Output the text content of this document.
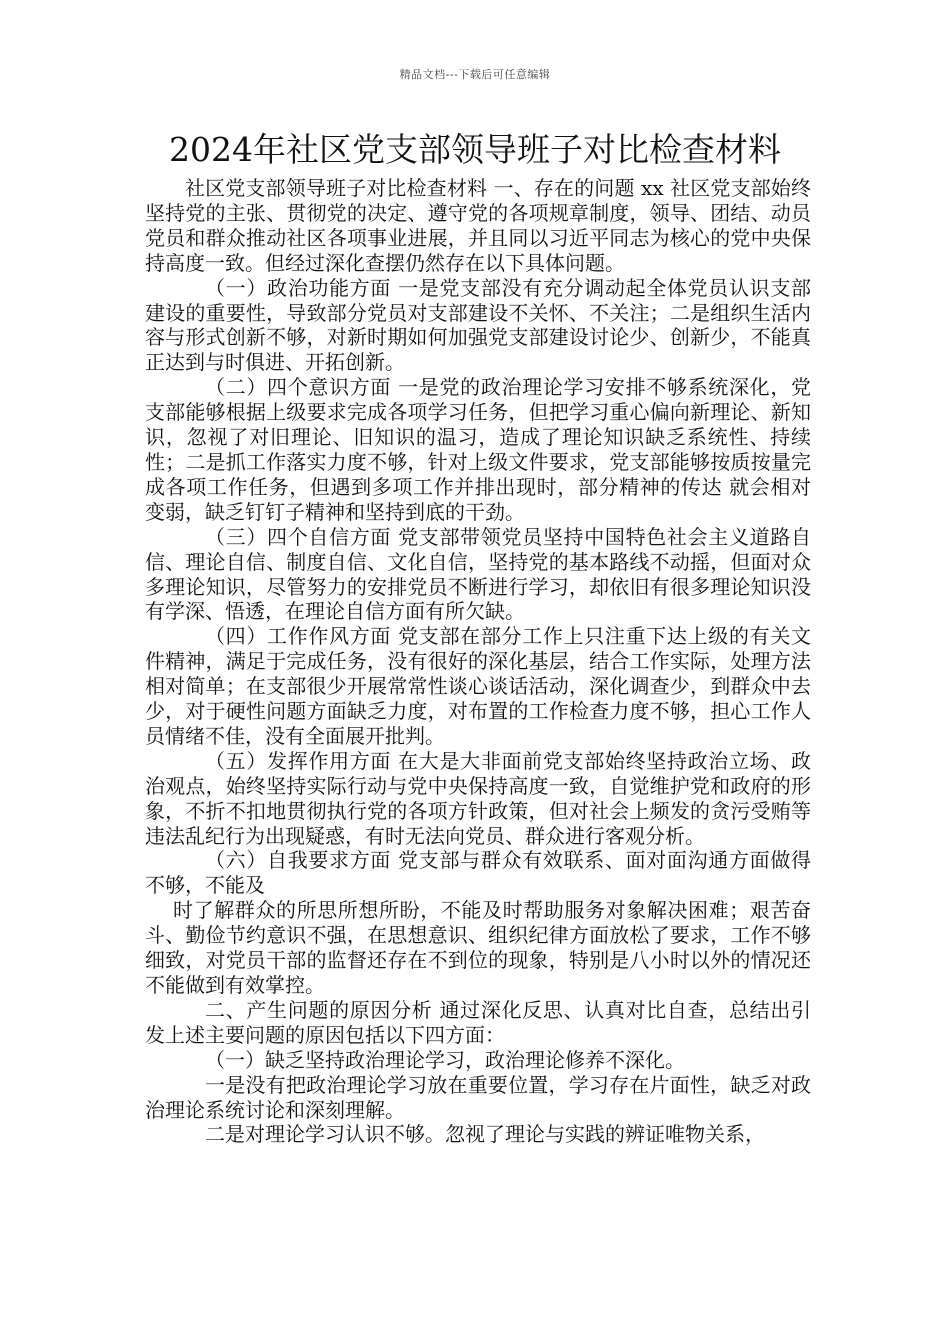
精品文档---下载后可任意编辑
2024年社区党支部领导班子对比检查材料

社区党支部领导班子对比检查材料 一、存在的问题 xx 社区党支部始终坚持党的主张、贯彻党的决定、遵守党的各项规章制度，领导、团结、动员党员和群众推动社区各项事业进展，并且同以习近平同志为核心的党中央保持高度一致。但经过深化查摆仍然存在以下具体问题。

（一）政治功能方面 一是党支部没有充分调动起全体党员认识支部建设的重要性，导致部分党员对支部建设不关怀、不关注；二是组织生活内容与形式创新不够，对新时期如何加强党支部建设讨论少、创新少，不能真正达到与时俱进、开拓创新。

（二）四个意识方面 一是党的政治理论学习安排不够系统深化，党支部能够根据上级要求完成各项学习任务，但把学习重心偏向新理论、新知识，忽视了对旧理论、旧知识的温习，造成了理论知识缺乏系统性、持续性；二是抓工作落实力度不够，针对上级文件要求，党支部能够按质按量完成各项工作任务，但遇到多项工作并排出现时，部分精神的传达 就会相对变弱，缺乏钉钉子精神和坚持到底的干劲。

（三）四个自信方面 党支部带领党员坚持中国特色社会主义道路自信、理论自信、制度自信、文化自信，坚持党的基本路线不动摇，但面对众多理论知识，尽管努力的安排党员不断进行学习，却依旧有很多理论知识没有学深、悟透，在理论自信方面有所欠缺。

（四）工作作风方面 党支部在部分工作上只注重下达上级的有关文件精神，满足于完成任务，没有很好的深化基层，结合工作实际，处理方法相对简单；在支部很少开展常常性谈心谈话活动，深化调查少，到群众中去少，对于硬性问题方面缺乏力度，对布置的工作检查力度不够，担心工作人员情绪不佳，没有全面展开批判。

（五）发挥作用方面 在大是大非面前党支部始终坚持政治立场、政治观点，始终坚持实际行动与党中央保持高度一致，自觉维护党和政府的形象，不折不扣地贯彻执行党的各项方针政策，但对社会上频发的贪污受贿等违法乱纪行为出现疑惑，有时无法向党员、群众进行客观分析。

（六）自我要求方面 党支部与群众有效联系、面对面沟通方面做得不够，不能及

时了解群众的所思所想所盼，不能及时帮助服务对象解决困难；艰苦奋斗、勤俭节约意识不强，在思想意识、组织纪律方面放松了要求，工作不够细致，对党员干部的监督还存在不到位的现象，特别是八小时以外的情况还不能做到有效掌控。

二、产生问题的原因分析 通过深化反思、认真对比自查，总结出引发上述主要问题的原因包括以下四方面：

（一）缺乏坚持政治理论学习，政治理论修养不深化。

一是没有把政治理论学习放在重要位置，学习存在片面性，缺乏对政治理论系统讨论和深刻理解。

二是对理论学习认识不够。忽视了理论与实践的辨证唯物关系，
